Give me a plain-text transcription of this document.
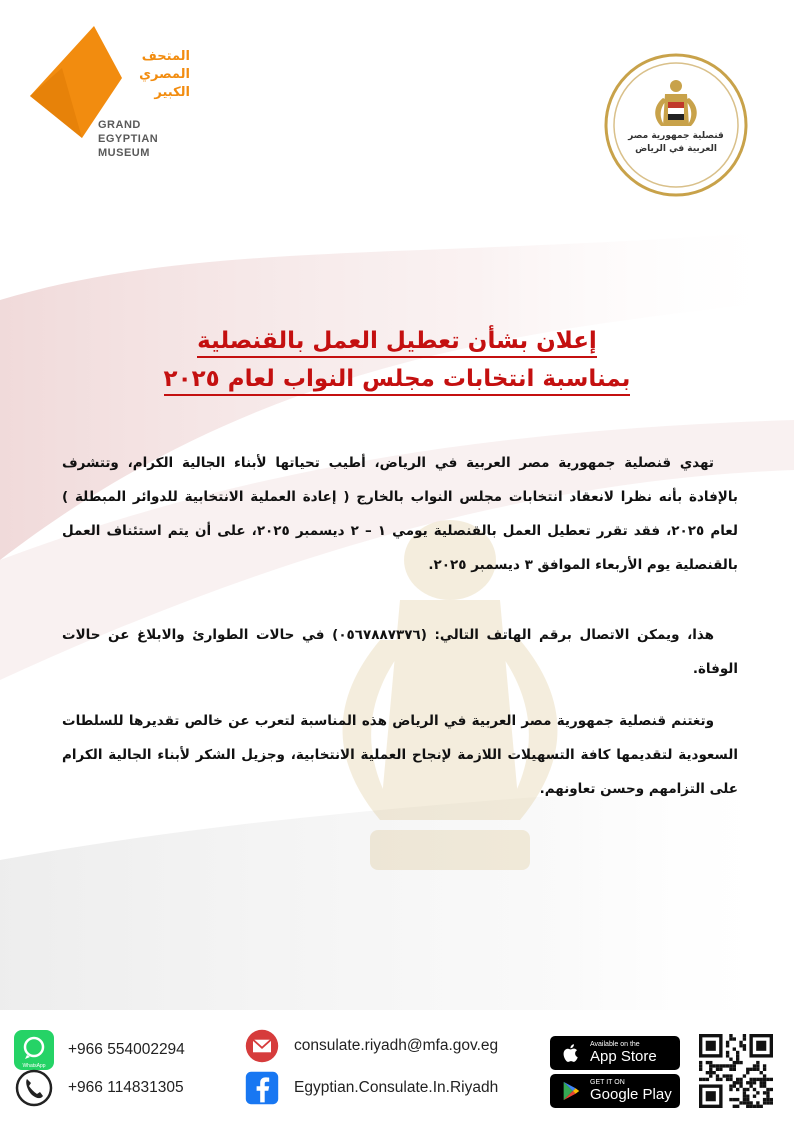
GRAND
EGYPTIAN
MUSEUM
المتحف المصري الكبير
قنصلية جمهورية مصر العربية في الرياض
إعلان بشأن تعطيل العمل بالقنصلية
بمناسبة انتخابات مجلس النواب لعام ٢٠٢٥
تهدي قنصلية جمهورية مصر العربية في الرياض، أطيب تحياتها لأبناء الجالية الكرام، وتتشرف بالإفادة بأنه نظرا لانعقاد انتخابات مجلس النواب بالخارج ( إعادة العملية الانتخابية للدوائر المبطلة ) لعام ٢٠٢٥، فقد تقرر تعطيل العمل بالقنصلية يومي ١ – ٢ ديسمبر ٢٠٢٥، على أن يتم استئناف العمل بالقنصلية يوم الأربعاء الموافق ٣ ديسمبر ٢٠٢٥.
هذا، ويمكن الاتصال برقم الهاتف التالي: (٠٥٦٧٨٨٧٣٧٦) في حالات الطوارئ والابلاغ عن حالات الوفاة.
وتغتنم قنصلية جمهورية مصر العربية في الرياض هذه المناسبة لتعرب عن خالص تقديرها للسلطات السعودية لتقديمها كافة التسهيلات اللازمة لإنجاح العملية الانتخابية، وجزيل الشكر لأبناء الجالية الكرام على التزامهم وحسن تعاونهم.
WhatsApp
+966 554002294
+966 114831305
consulate.riyadh@mfa.gov.eg
Egyptian.Consulate.In.Riyadh
Available on the
App Store
GET IT ON
Google Play
